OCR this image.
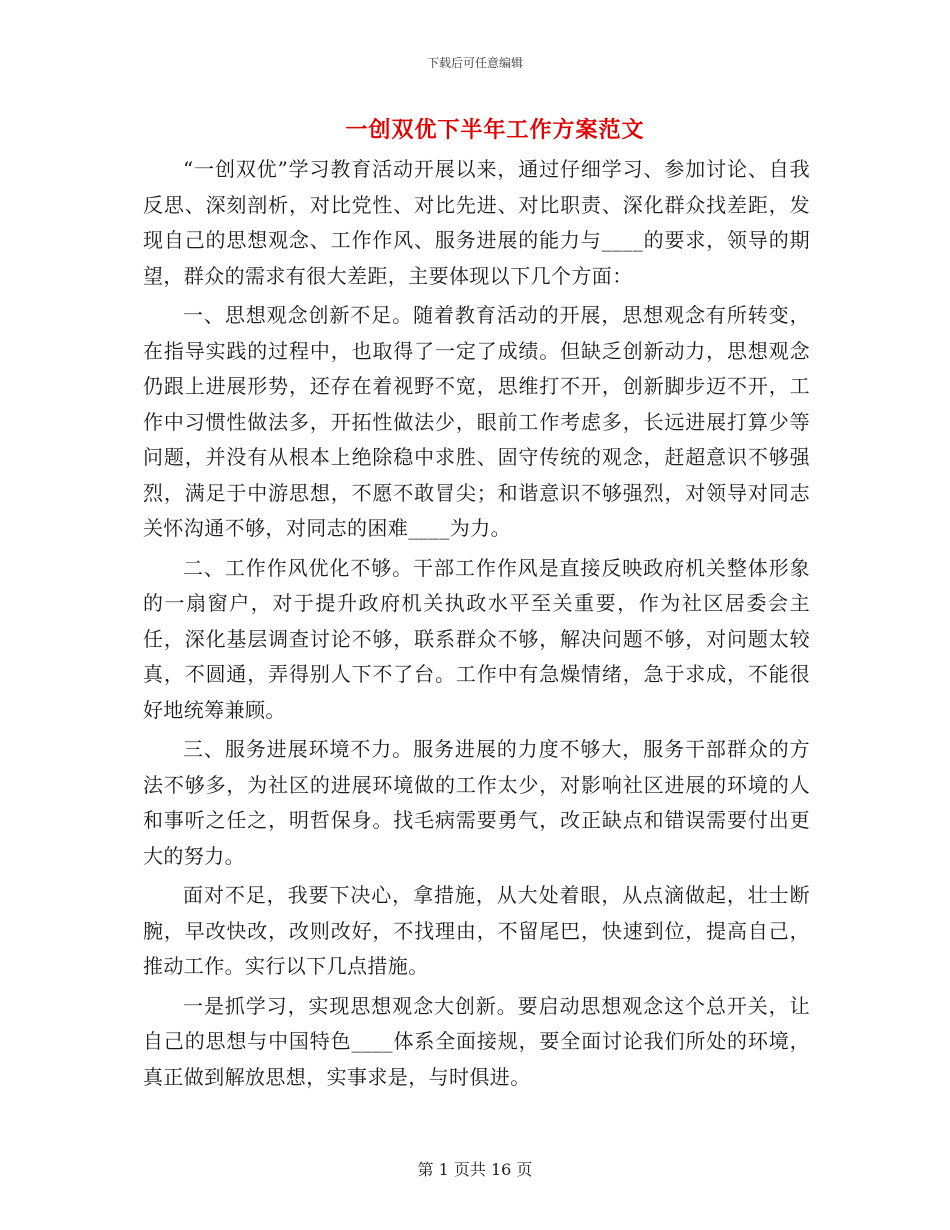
下载后可任意编辑
一创双优下半年工作方案范文

“一创双优”学习教育活动开展以来，通过仔细学习、参加讨论、自我反思、深刻剖析，对比党性、对比先进、对比职责、深化群众找差距，发现自己的思想观念、工作作风、服务进展的能力与____的要求，领导的期望，群众的需求有很大差距，主要体现以下几个方面：

一、思想观念创新不足。随着教育活动的开展，思想观念有所转变，在指导实践的过程中，也取得了一定了成绩。但缺乏创新动力，思想观念仍跟上进展形势，还存在着视野不宽，思维打不开，创新脚步迈不开，工作中习惯性做法多，开拓性做法少，眼前工作考虑多，长远进展打算少等问题，并没有从根本上绝除稳中求胜、固守传统的观念，赶超意识不够强烈，满足于中游思想，不愿不敢冒尖；和谐意识不够强烈，对领导对同志关怀沟通不够，对同志的困难____为力。

二、工作作风优化不够。干部工作作风是直接反映政府机关整体形象的一扇窗户，对于提升政府机关执政水平至关重要，作为社区居委会主任，深化基层调查讨论不够，联系群众不够，解决问题不够，对问题太较真，不圆通，弄得别人下不了台。工作中有急燥情绪，急于求成，不能很好地统筹兼顾。

三、服务进展环境不力。服务进展的力度不够大，服务干部群众的方法不够多，为社区的进展环境做的工作太少，对影响社区进展的环境的人和事听之任之，明哲保身。找毛病需要勇气，改正缺点和错误需要付出更大的努力。

面对不足，我要下决心，拿措施，从大处着眼，从点滴做起，壮士断腕，早改快改，改则改好，不找理由，不留尾巴，快速到位，提高自己，推动工作。实行以下几点措施。

一是抓学习，实现思想观念大创新。要启动思想观念这个总开关，让自己的思想与中国特色____体系全面接规，要全面讨论我们所处的环境，真正做到解放思想，实事求是，与时俱进。

第 1 页共 16 页
